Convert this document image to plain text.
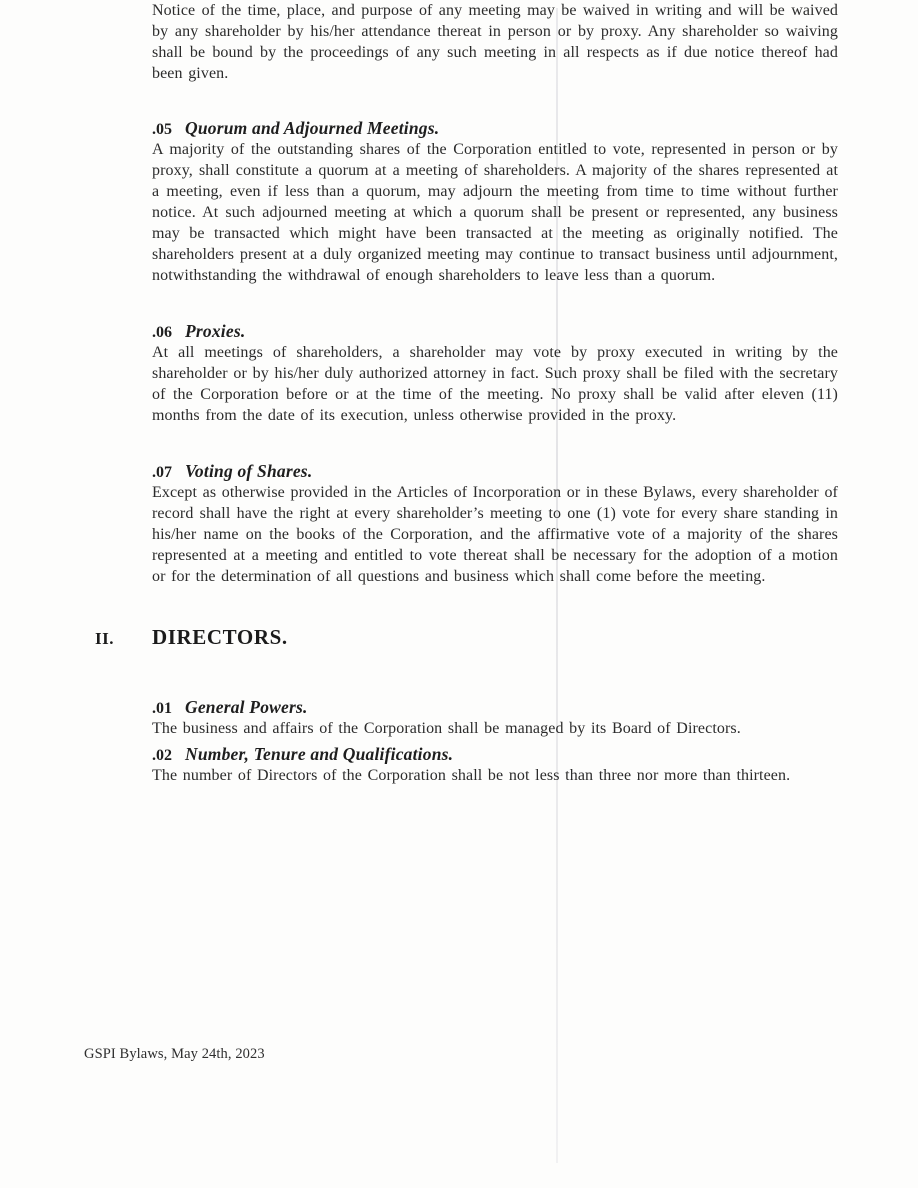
Notice of the time, place, and purpose of any meeting may be waived in writing and will be waived by any shareholder by his/her attendance thereat in person or by proxy. Any shareholder so waiving shall be bound by the proceedings of any such meeting in all respects as if due notice thereof had been given.

.05 Quorum and Adjourned Meetings.

A majority of the outstanding shares of the Corporation entitled to vote, represented in person or by proxy, shall constitute a quorum at a meeting of shareholders. A majority of the shares represented at a meeting, even if less than a quorum, may adjourn the meeting from time to time without further notice. At such adjourned meeting at which a quorum shall be present or represented, any business may be transacted which might have been transacted at the meeting as originally notified. The shareholders present at a duly organized meeting may continue to transact business until adjournment, notwithstanding the withdrawal of enough shareholders to leave less than a quorum.

.06 Proxies.

At all meetings of shareholders, a shareholder may vote by proxy executed in writing by the shareholder or by his/her duly authorized attorney in fact. Such proxy shall be filed with the secretary of the Corporation before or at the time of the meeting. No proxy shall be valid after eleven (11) months from the date of its execution, unless otherwise provided in the proxy.

.07 Voting of Shares.

Except as otherwise provided in the Articles of Incorporation or in these Bylaws, every shareholder of record shall have the right at every shareholder’s meeting to one (1) vote for every share standing in his/her name on the books of the Corporation, and the affirmative vote of a majority of the shares represented at a meeting and entitled to vote thereat shall be necessary for the adoption of a motion or for the determination of all questions and business which shall come before the meeting.

II.	DIRECTORS.
.01 General Powers.

The business and affairs of the Corporation shall be managed by its Board of Directors.

.02 Number, Tenure and Qualifications.

The number of Directors of the Corporation shall be not less than three nor more than thirteen.

GSPI Bylaws, May 24th, 2023
